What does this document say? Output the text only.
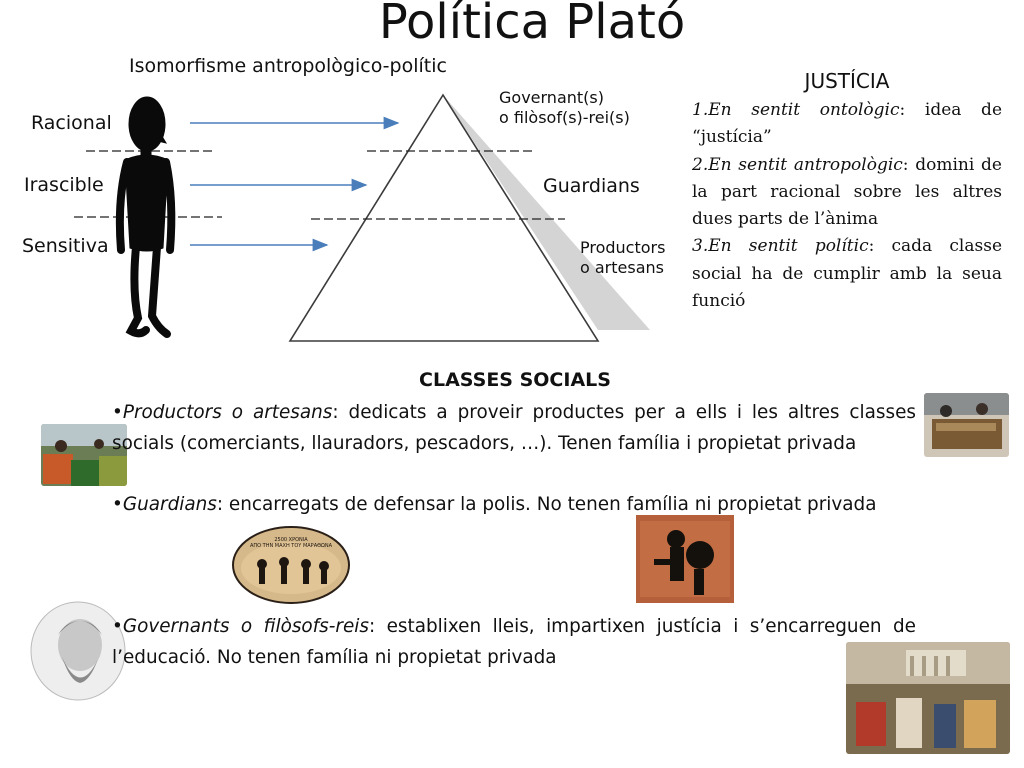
Política Plató
Isomorfisme antropològico-polític
Racional
Irascible
Sensitiva
Governant(s)
o filòsof(s)-rei(s)
Guardians
Productors
o artesans
JUSTÍCIA
1.En sentit ontològic: idea de “justícia”
2.En sentit antropològic: domini de la part racional sobre les altres dues parts de l’ànima
3.En sentit polític: cada classe social ha de cumplir amb la seua funció
CLASSES SOCIALS
2500 ΧΡΟΝΙΑ
ΑΠΟ ΤΗΝ ΜΑΧΗ ΤΟΥ ΜΑΡΑΘΩΝΑ
•Productors o artesans: dedicats a proveir productes per a ells i les altres classes socials (comerciants, llauradors, pescadors, …). Tenen família i propietat privada
•Guardians: encarregats de defensar la polis. No tenen família ni propietat privada
•Governants o filòsofs-reis: establixen lleis, impartixen justícia i s’encarreguen de l’educació. No tenen família ni propietat privada
